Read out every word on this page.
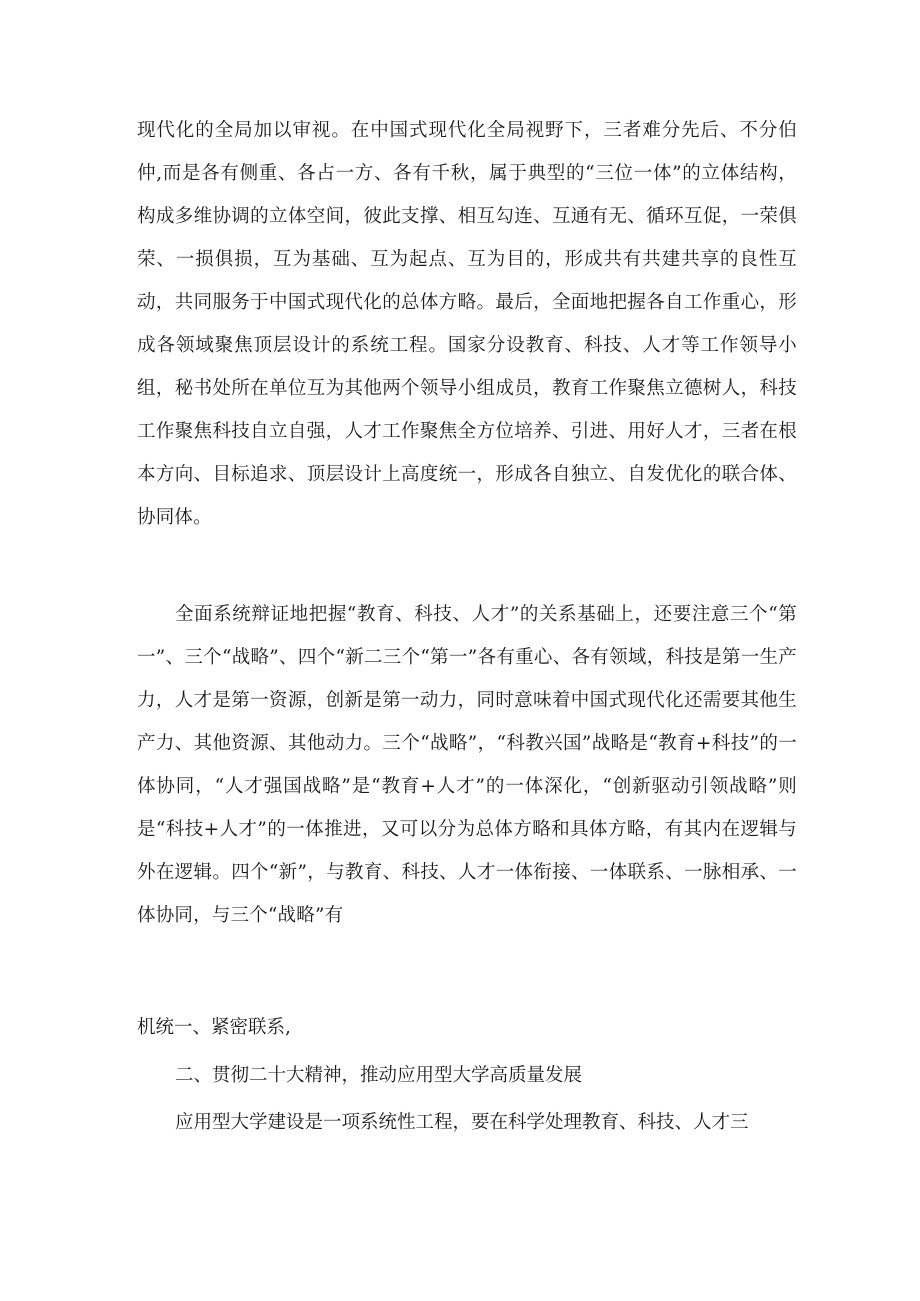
现代化的全局加以审视。在中国式现代化全局视野下，三者难分先后、不分伯仲,而是各有侧重、各占一方、各有千秋，属于典型的“三位一体”的立体结构，构成多维协调的立体空间，彼此支撑、相互勾连、互通有无、循环互促，一荣俱荣、一损俱损，互为基础、互为起点、互为目的，形成共有共建共享的良性互动，共同服务于中国式现代化的总体方略。最后，全面地把握各自工作重心，形成各领域聚焦顶层设计的系统工程。国家分设教育、科技、人才等工作领导小组，秘书处所在单位互为其他两个领导小组成员，教育工作聚焦立德树人，科技工作聚焦科技自立自强，人才工作聚焦全方位培养、引进、用好人才，三者在根本方向、目标追求、顶层设计上高度统一，形成各自独立、自发优化的联合体、协同体。
全面系统辩证地把握“教育、科技、人才”的关系基础上，还要注意三个“第一”、三个“战略”、四个“新二三个“第一”各有重心、各有领域，科技是第一生产力，人才是第一资源，创新是第一动力，同时意味着中国式现代化还需要其他生产力、其他资源、其他动力。三个“战略”，“科教兴国”战略是“教育+科技”的一体协同，“人才强国战略”是“教育+人才”的一体深化，“创新驱动引领战略”则是“科技+人才”的一体推进，又可以分为总体方略和具体方略，有其内在逻辑与外在逻辑。四个“新”，与教育、科技、人才一体衔接、一体联系、一脉相承、一体协同，与三个“战略”有
机统一、紧密联系,
二、贯彻二十大精神，推动应用型大学高质量发展
应用型大学建设是一项系统性工程，要在科学处理教育、科技、人才三
